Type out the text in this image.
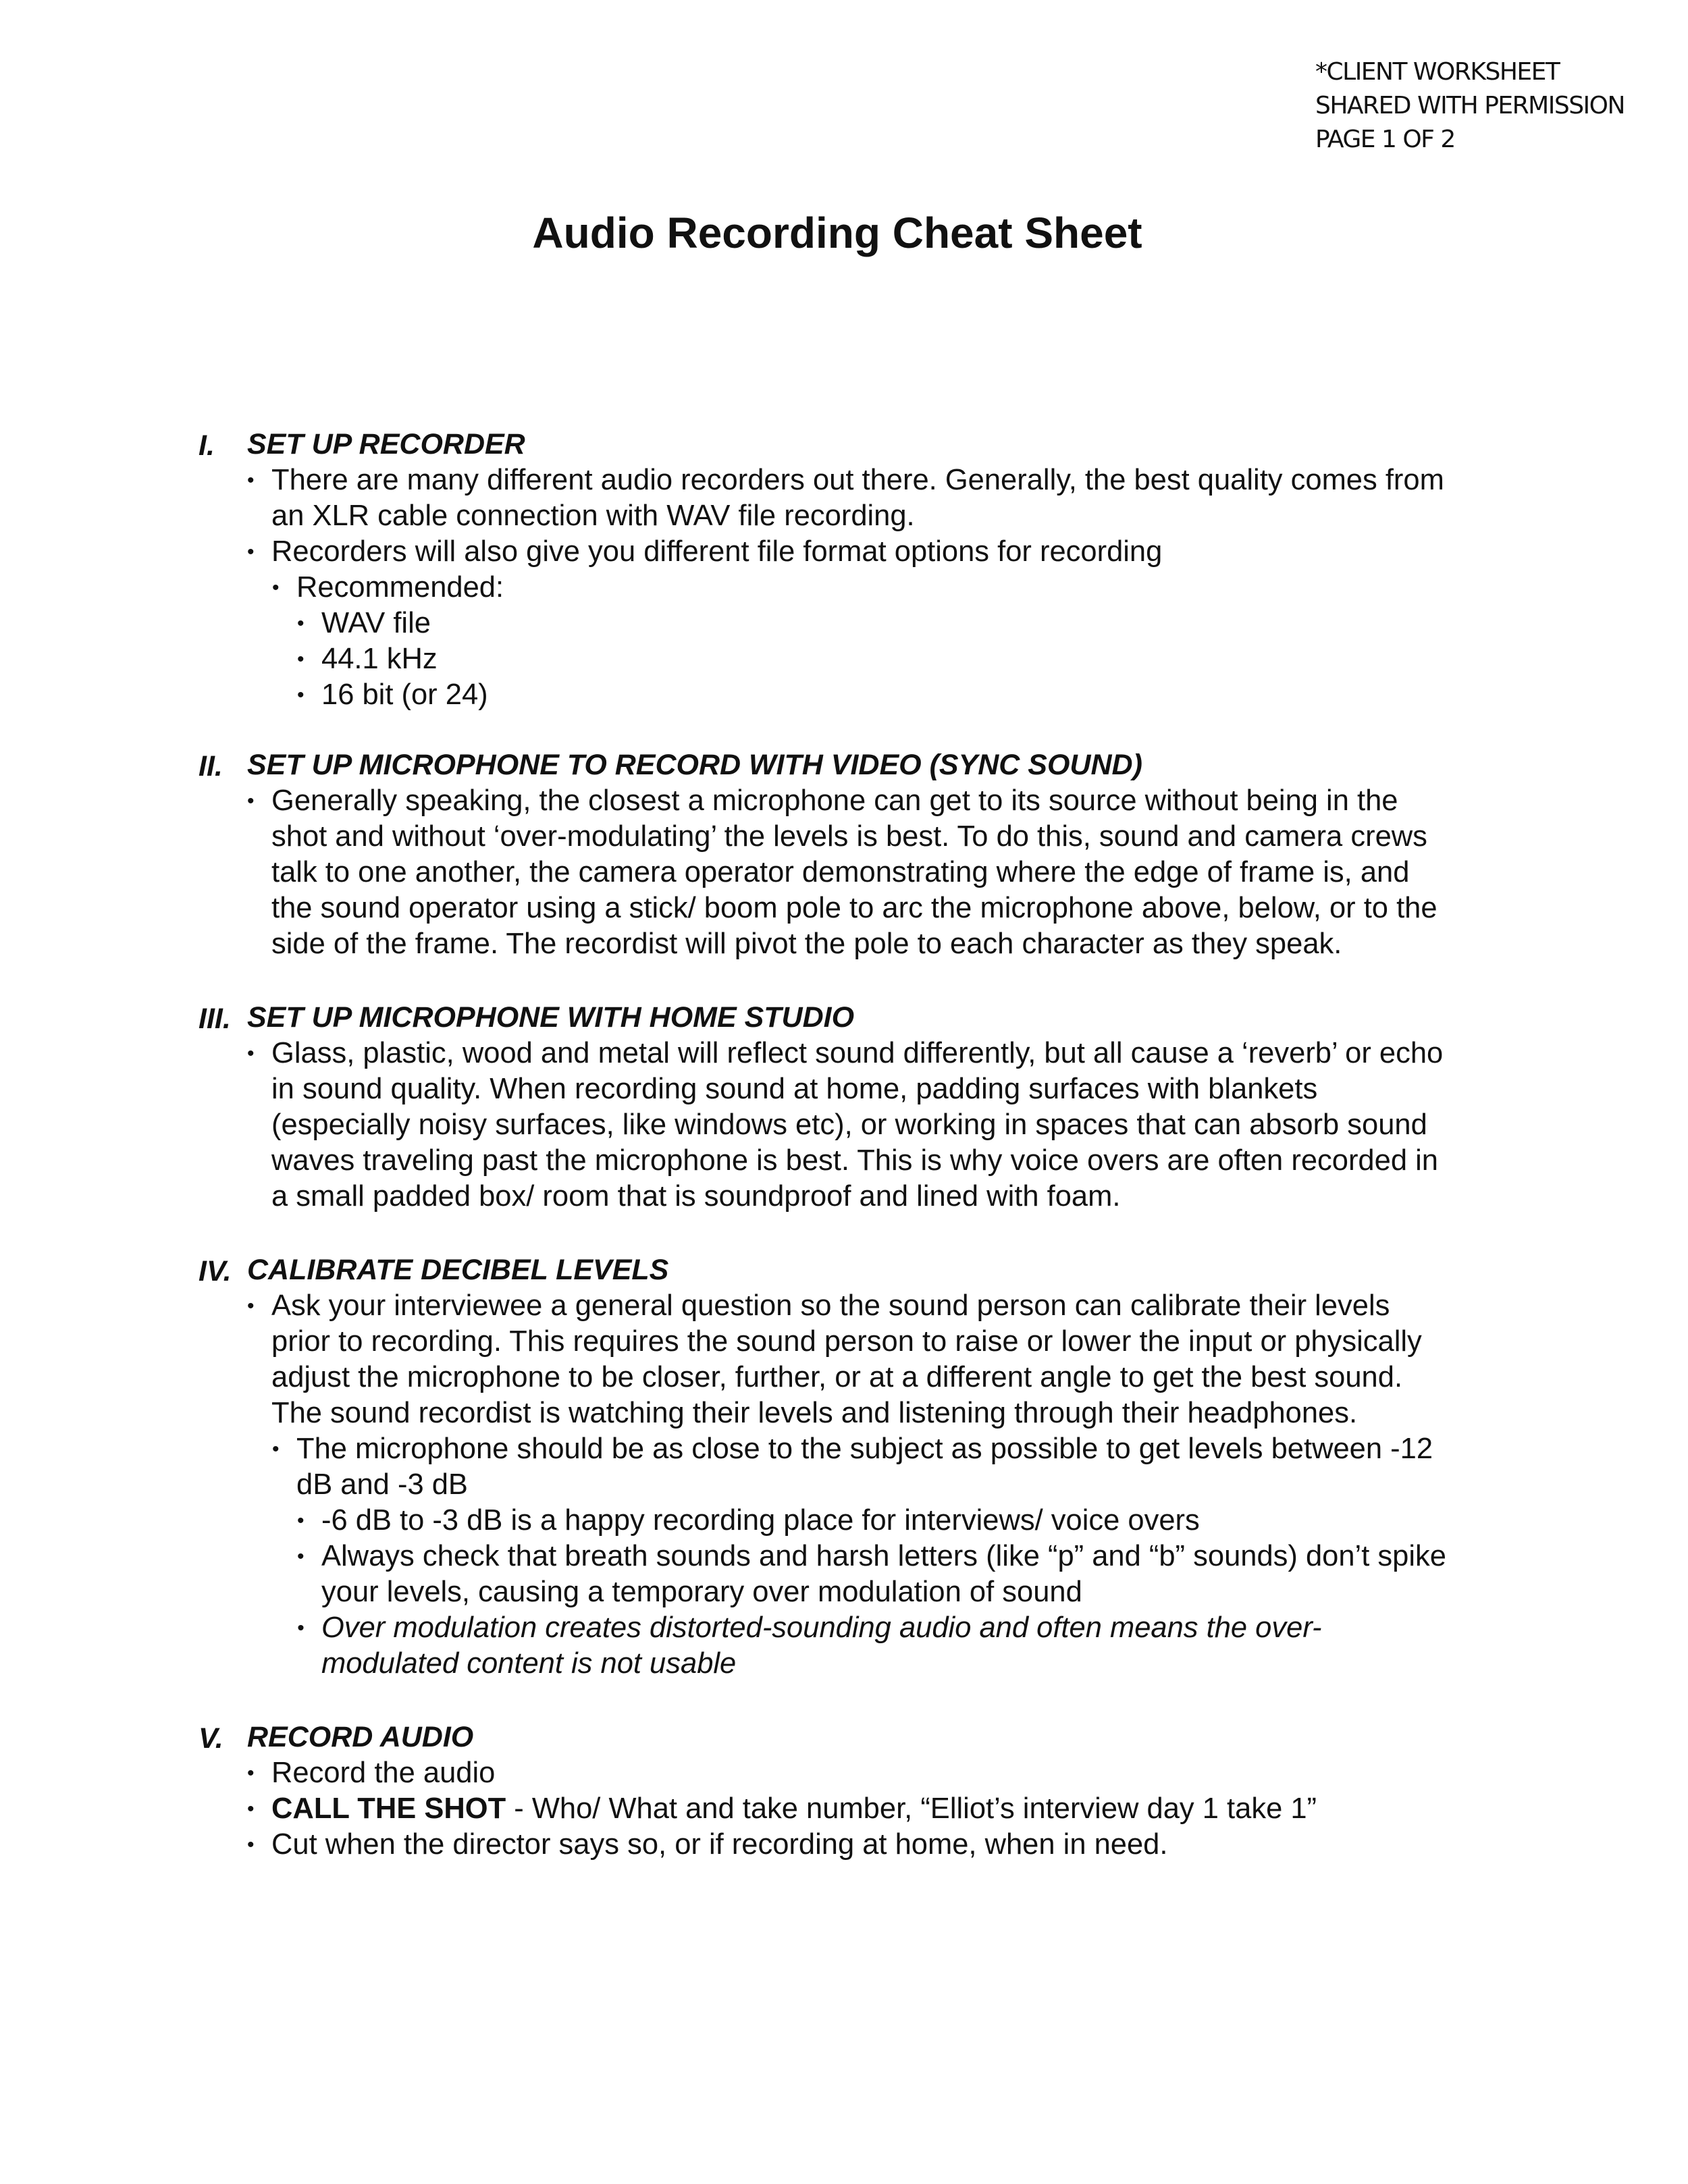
*CLIENT WORKSHEET
SHARED WITH PERMISSION
PAGE 1 OF 2
Audio Recording Cheat Sheet
I. SET UP RECORDER
• There are many different audio recorders out there. Generally, the best quality comes from
an XLR cable connection with WAV file recording.
• Recorders will also give you different file format options for recording
• Recommended:
• WAV file
• 44.1 kHz
• 16 bit (or 24)
II. SET UP MICROPHONE TO RECORD WITH VIDEO (SYNC SOUND)
• Generally speaking, the closest a microphone can get to its source without being in the
shot and without ‘over-modulating’ the levels is best. To do this, sound and camera crews
talk to one another, the camera operator demonstrating where the edge of frame is, and
the sound operator using a stick/ boom pole to arc the microphone above, below, or to the
side of the frame. The recordist will pivot the pole to each character as they speak.
III. SET UP MICROPHONE WITH HOME STUDIO
• Glass, plastic, wood and metal will reflect sound differently, but all cause a ‘reverb’ or echo
in sound quality. When recording sound at home, padding surfaces with blankets
(especially noisy surfaces, like windows etc), or working in spaces that can absorb sound
waves traveling past the microphone is best. This is why voice overs are often recorded in
a small padded box/ room that is soundproof and lined with foam.
IV. CALIBRATE DECIBEL LEVELS
• Ask your interviewee a general question so the sound person can calibrate their levels
prior to recording. This requires the sound person to raise or lower the input or physically
adjust the microphone to be closer, further, or at a different angle to get the best sound.
The sound recordist is watching their levels and listening through their headphones.
• The microphone should be as close to the subject as possible to get levels between -12
dB and -3 dB
• -6 dB to -3 dB is a happy recording place for interviews/ voice overs
• Always check that breath sounds and harsh letters (like “p” and “b” sounds) don’t spike
your levels, causing a temporary over modulation of sound
• Over modulation creates distorted-sounding audio and often means the over-
modulated content is not usable
V. RECORD AUDIO
• Record the audio
• CALL THE SHOT - Who/ What and take number, “Elliot’s interview day 1 take 1”
• Cut when the director says so, or if recording at home, when in need.
